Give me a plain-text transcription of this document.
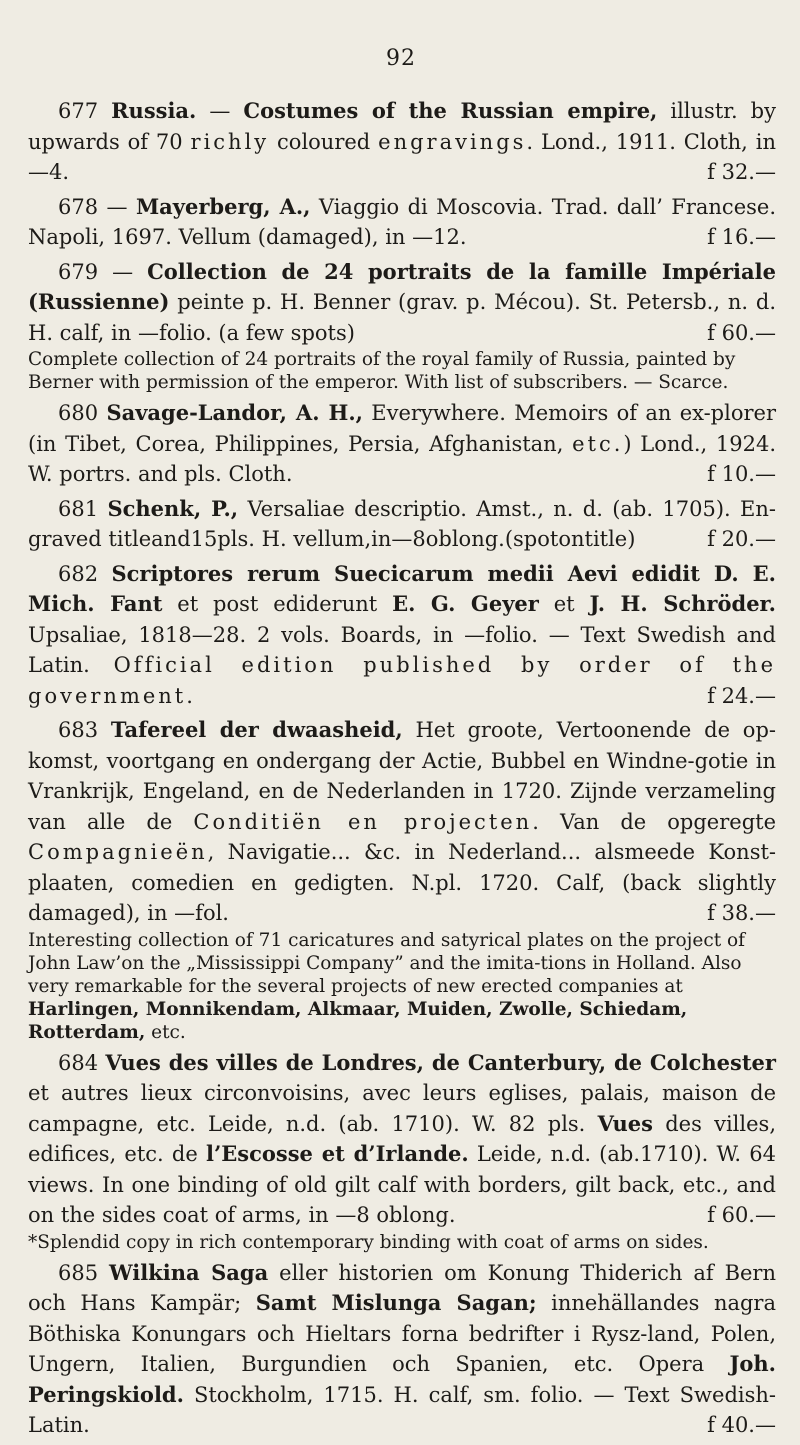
92

677 Russia. — Costumes of the Russian empire, illustr. by upwards of 70 richly coloured engravings. Lond., 1911. Cloth, in —4.	f 32.—

678 — Mayerberg, A., Viaggio di Moscovia. Trad. dall’ Francese. Napoli, 1697. Vellum (damaged), in —12.	f 16.—

679 — Collection de 24 portraits de la famille Impériale (Russienne) peinte p. H. Benner (grav. p. Mécou). St. Petersb., n. d. H. calf, in —folio. (a few spots)	f 60.—

Complete collection of 24 portraits of the royal family of Russia, painted by Berner with permission of the emperor. With list of subscribers. — Scarce.

680 Savage-Landor, A. H., Everywhere. Memoirs of an ex-plorer (in Tibet, Corea, Philippines, Persia, Afghanistan, etc.) Lond., 1924. W. portrs. and pls. Cloth.	f 10.—

681 Schenk, P., Versaliae descriptio. Amst., n. d. (ab. 1705). En-graved titleand15pls. H. vellum,in—8oblong.(spotontitle)	f 20.—

682 Scriptores rerum Suecicarum medii Aevi edidit D. E. Mich. Fant et post ediderunt E. G. Geyer et J. H. Schröder. Upsaliae, 1818—28. 2 vols. Boards, in —folio. — Text Swedish and Latin. Official edition published by order of the government.	f 24.—

683 Tafereel der dwaasheid, Het groote, Vertoonende de op-komst, voortgang en ondergang der Actie, Bubbel en Windne-gotie in Vrankrijk, Engeland, en de Nederlanden in 1720. Zijnde verzameling van alle de Conditiën en projecten. Van de opgeregte Compagnieën, Navigatie... &c. in Nederland... alsmeede Konst-plaaten, comedien en gedigten. N.pl. 1720. Calf, (back slightly damaged), in —fol.	f 38.—

Interesting collection of 71 caricatures and satyrical plates on the project of John Law’on the „Mississippi Company” and the imita-tions in Holland. Also very remarkable for the several projects of new erected companies at Harlingen, Monnikendam, Alkmaar, Muiden, Zwolle, Schiedam, Rotterdam, etc.

684 Vues des villes de Londres, de Canterbury, de Colchester et autres lieux circonvoisins, avec leurs eglises, palais, maison de campagne, etc. Leide, n.d. (ab. 1710). W. 82 pls. Vues des villes, edifices, etc. de l’Escosse et d’Irlande. Leide, n.d. (ab.1710). W. 64 views. In one binding of old gilt calf with borders, gilt back, etc., and on the sides coat of arms, in —8 oblong.	f 60.—

*Splendid copy in rich contemporary binding with coat of arms on sides.

685 Wilkina Saga eller historien om Konung Thiderich af Bern och Hans Kampär; Samt Mislunga Sagan; innehällandes nagra Böthiska Konungars och Hieltars forna bedrifter i Rysz-land, Polen, Ungern, Italien, Burgundien och Spanien, etc. Opera Joh. Peringskiold. Stockholm, 1715. H. calf, sm. folio. — Text Swedish-Latin.	f 40.—
